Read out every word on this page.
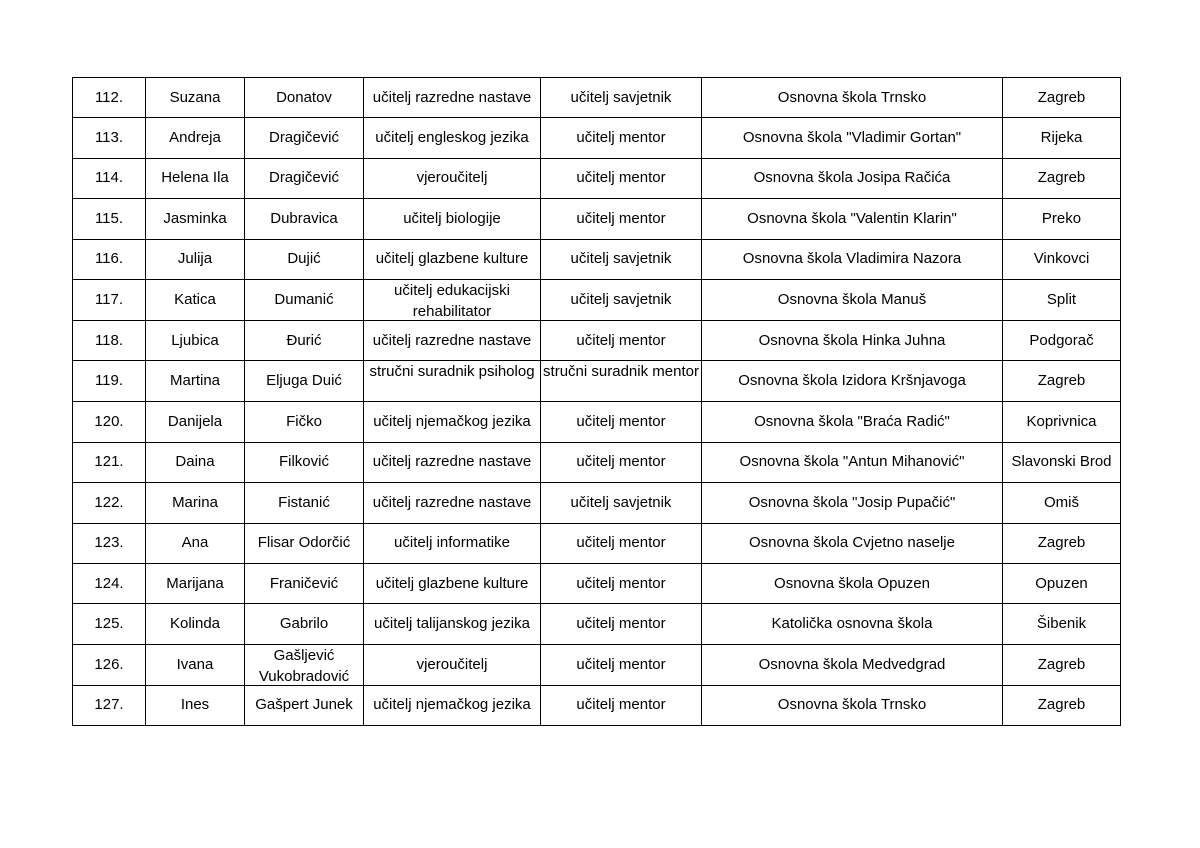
112.	Suzana	Donatov	učitelj razredne nastave	učitelj savjetnik	Osnovna škola Trnsko	Zagreb
113.	Andreja	Dragičević	učitelj engleskog jezika	učitelj mentor	Osnovna škola "Vladimir Gortan"	Rijeka
114.	Helena Ila	Dragičević	vjeroučitelj	učitelj mentor	Osnovna škola Josipa Račića	Zagreb
115.	Jasminka	Dubravica	učitelj biologije	učitelj mentor	Osnovna škola "Valentin Klarin"	Preko
116.	Julija	Dujić	učitelj glazbene kulture	učitelj savjetnik	Osnovna škola Vladimira Nazora	Vinkovci
117.	Katica	Dumanić	učitelj edukacijski rehabilitator	učitelj savjetnik	Osnovna škola Manuš	Split
118.	Ljubica	Đurić	učitelj razredne nastave	učitelj mentor	Osnovna škola Hinka Juhna	Podgorač
119.	Martina	Eljuga Duić	stručni suradnik psiholog	stručni suradnik mentor	Osnovna škola Izidora Kršnjavoga	Zagreb
120.	Danijela	Fičko	učitelj njemačkog jezika	učitelj mentor	Osnovna škola "Braća Radić"	Koprivnica
121.	Daina	Filković	učitelj razredne nastave	učitelj mentor	Osnovna škola "Antun Mihanović"	Slavonski Brod
122.	Marina	Fistanić	učitelj razredne nastave	učitelj savjetnik	Osnovna škola "Josip Pupačić"	Omiš
123.	Ana	Flisar Odorčić	učitelj informatike	učitelj mentor	Osnovna škola Cvjetno naselje	Zagreb
124.	Marijana	Franičević	učitelj glazbene kulture	učitelj mentor	Osnovna škola Opuzen	Opuzen
125.	Kolinda	Gabrilo	učitelj talijanskog jezika	učitelj mentor	Katolička osnovna škola	Šibenik
126.	Ivana	Gašljević Vukobradović	vjeroučitelj	učitelj mentor	Osnovna škola Medvedgrad	Zagreb
127.	Ines	Gašpert Junek	učitelj njemačkog jezika	učitelj mentor	Osnovna škola Trnsko	Zagreb
